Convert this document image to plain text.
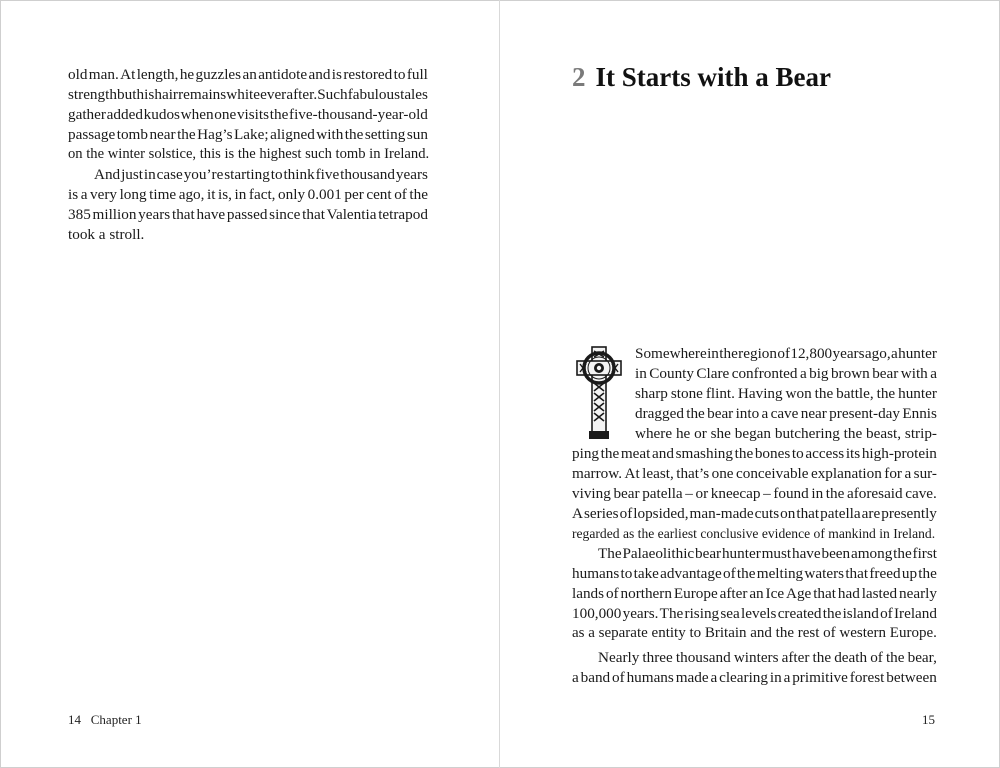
old man. At length, he guzzles an antidote and is restored to full
strength but his hair remains white ever after. Such fabulous tales
gather added kudos when one visits the five-thousand-year-old
passage tomb near the Hag’s Lake; aligned with the setting sun
on the winter solstice, this is the highest such tomb in Ireland.
And just in case you’re starting to think five thousand years
is a very long time ago, it is, in fact, only 0.001 per cent of the
385 million years that have passed since that Valentia tetrapod
took a stroll.
14 Chapter 1
2 It Starts with a Bear
Somewhere in the region of 12,800 years ago, a hunter
in County Clare confronted a big brown bear with a
sharp stone flint. Having won the battle, the hunter
dragged the bear into a cave near present-day Ennis
where he or she began butchering the beast, strip-
ping the meat and smashing the bones to access its high-protein
marrow. At least, that’s one conceivable explanation for a sur-
viving bear patella – or kneecap – found in the aforesaid cave.
A series of lopsided, man-made cuts on that patella are presently
regarded as the earliest conclusive evidence of mankind in Ireland.
The Palaeolithic bear hunter must have been among the first
humans to take advantage of the melting waters that freed up the
lands of northern Europe after an Ice Age that had lasted nearly
100,000 years. The rising sea levels created the island of Ireland
as a separate entity to Britain and the rest of western Europe.
Nearly three thousand winters after the death of the bear,
a band of humans made a clearing in a primitive forest between
15
